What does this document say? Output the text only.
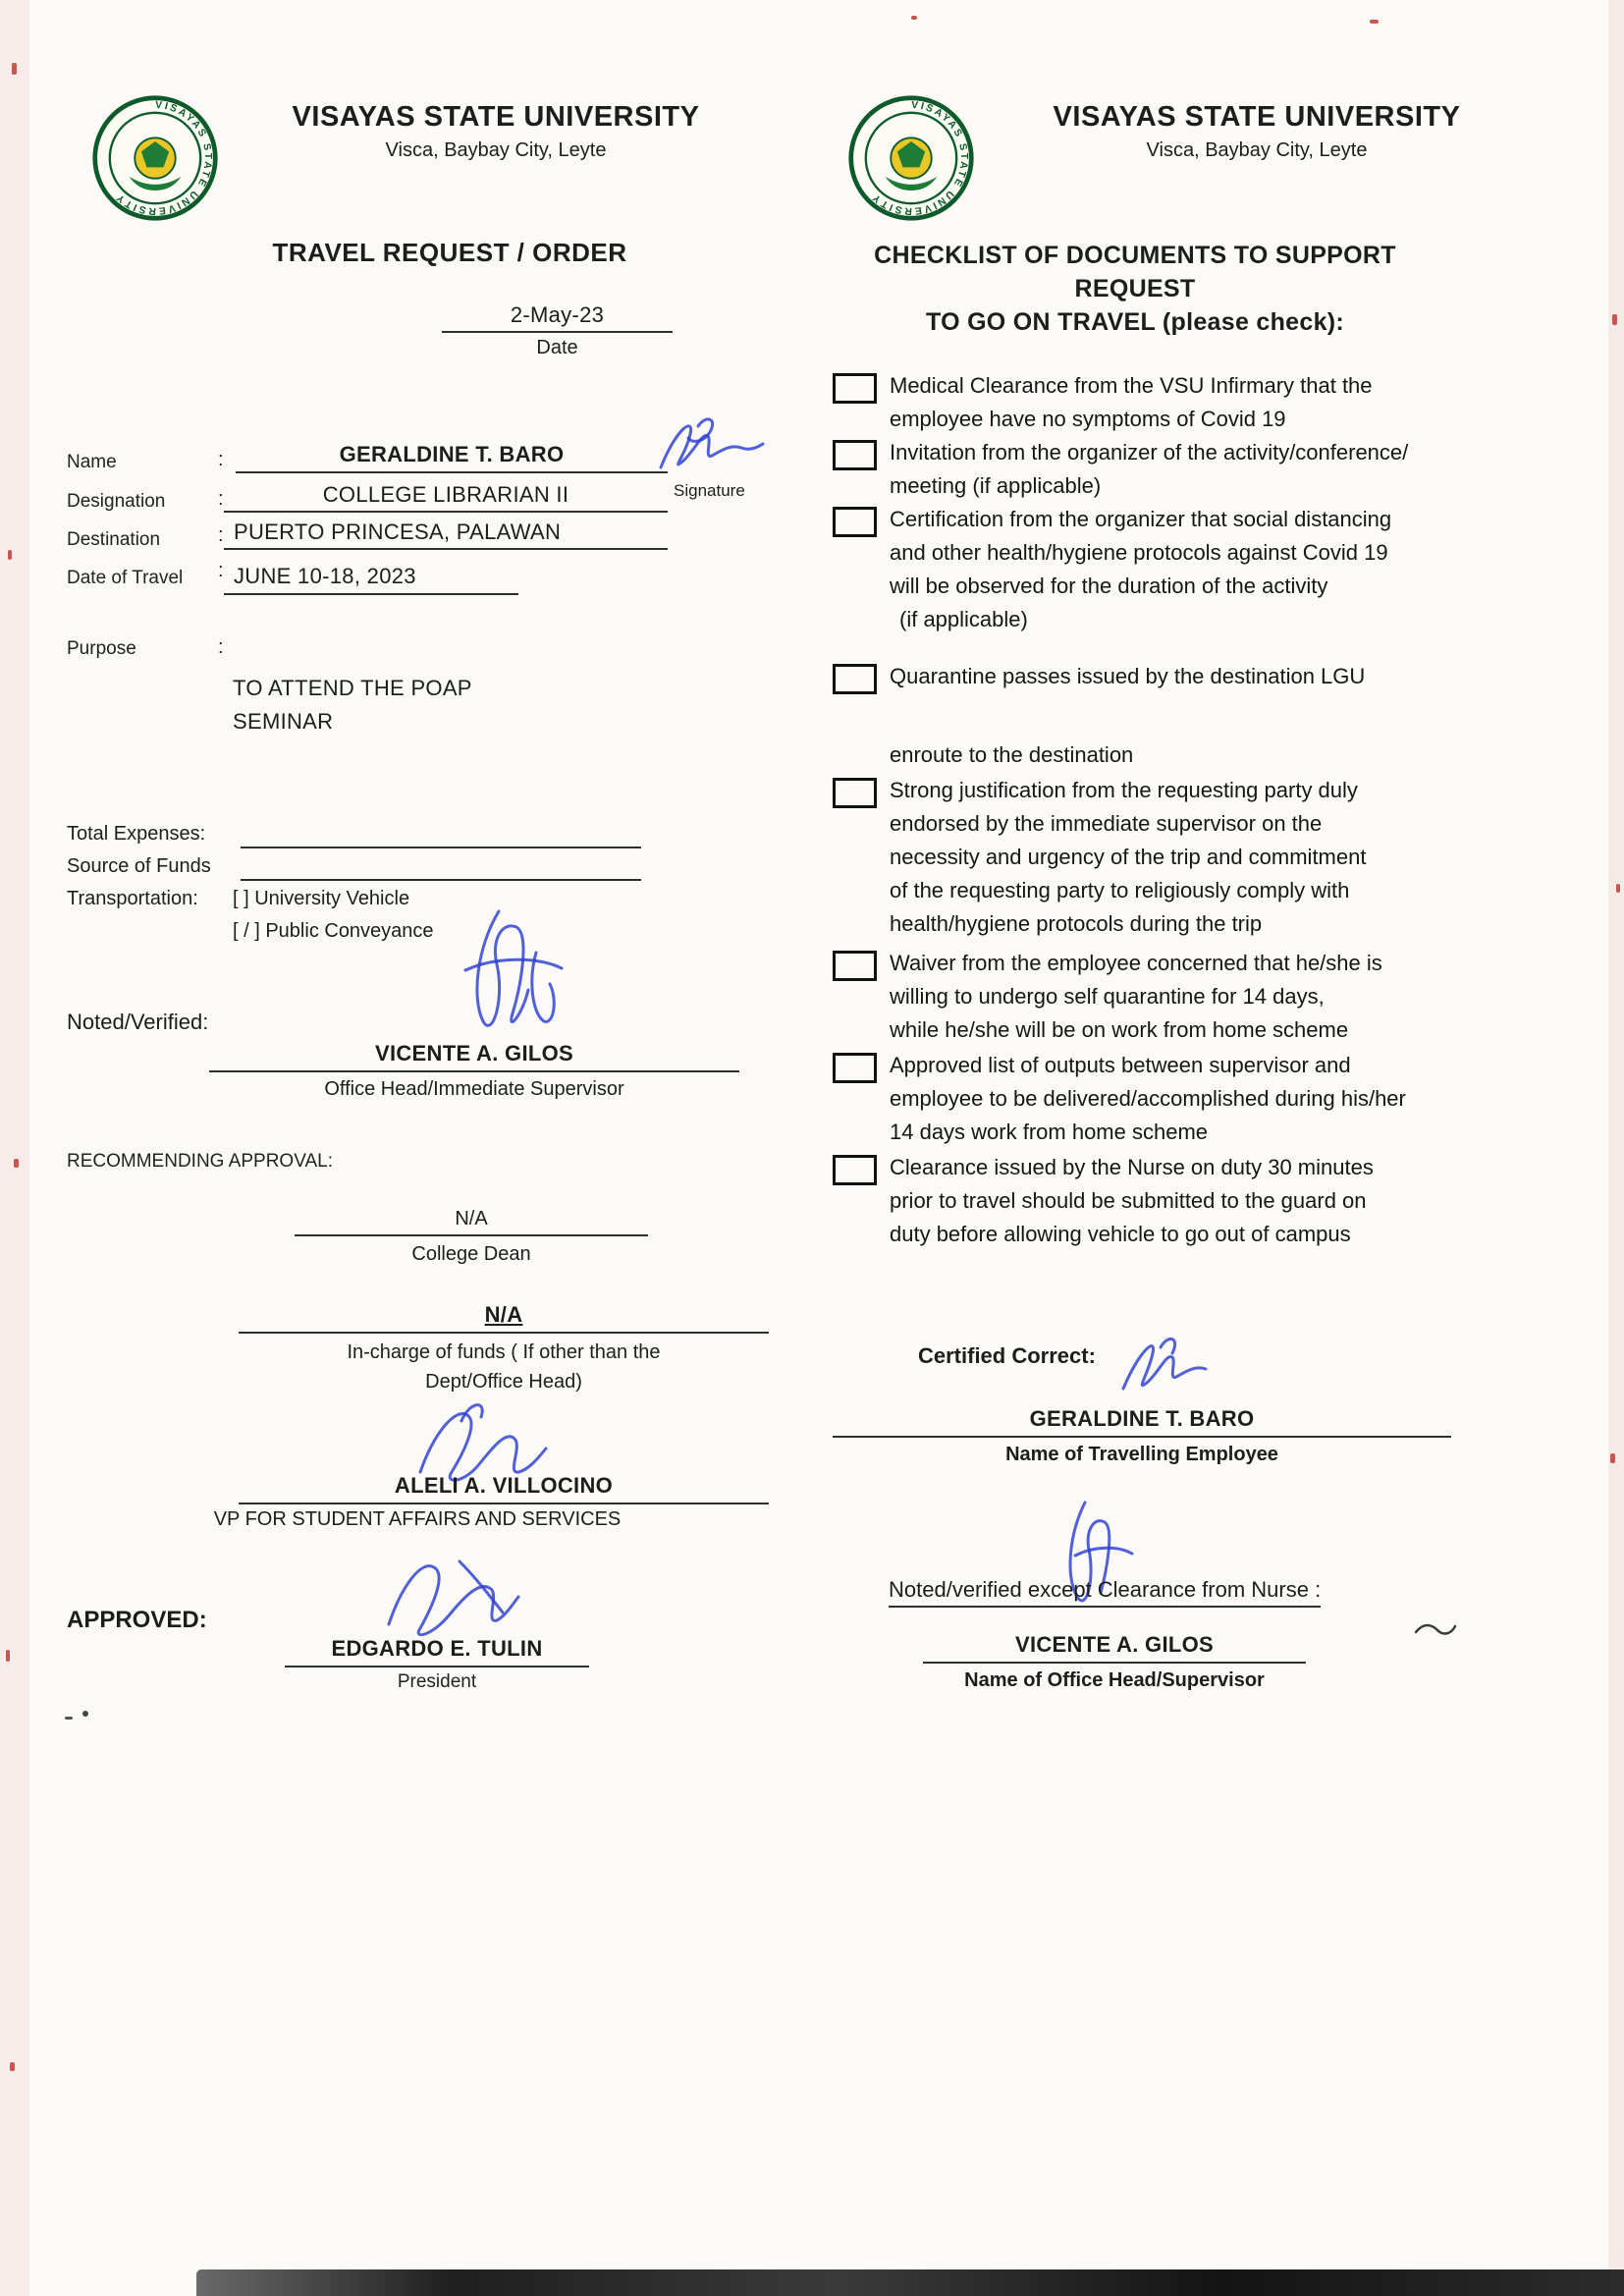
VISAYAS STATE UNIVERSITY
Visca, Baybay City, Leyte
TRAVEL REQUEST / ORDER
2-May-23
Date
Name	:	GERALDINE T. BARO
Signature
Designation	:	COLLEGE LIBRARIAN II
Destination	: PUERTO PRINCESA, PALAWAN
Date of Travel : JUNE 10-18, 2023
Purpose	:
TO ATTEND THE POAP
SEMINAR
Total Expenses:
Source of Funds
Transportation: [ ] University Vehicle
[ / ] Public Conveyance
Noted/Verified:
VICENTE A. GILOS
Office Head/Immediate Supervisor
RECOMMENDING APPROVAL:
N/A
College Dean
N/A
In-charge of funds ( If other than the
Dept/Office Head)
ALELI A. VILLOCINO
VP FOR STUDENT AFFAIRS AND SERVICES
APPROVED:
EDGARDO E. TULIN
President
VISAYAS STATE UNIVERSITY
Visca, Baybay City, Leyte
CHECKLIST OF DOCUMENTS TO SUPPORT REQUEST
TO GO ON TRAVEL (please check):
Medical Clearance from the VSU Infirmary that the
employee have no symptoms of Covid 19
Invitation from the organizer of the activity/conference/
meeting (if applicable)
Certification from the organizer that social distancing
and other health/hygiene protocols against Covid 19
will be observed for the duration of the activity
(if applicable)
Quarantine passes issued by the destination LGU
enroute to the destination
Strong justification from the requesting party duly
endorsed by the immediate supervisor on the
necessity and urgency of the trip and commitment
of the requesting party to religiously comply with
health/hygiene protocols during the trip
Waiver from the employee concerned that he/she is
willing to undergo self quarantine for 14 days,
while he/she will be on work from home scheme
Approved list of outputs between supervisor and
employee to be delivered/accomplished during his/her
14 days work from home scheme
Clearance issued by the Nurse on duty 30 minutes
prior to travel should be submitted to the guard on
duty before allowing vehicle to go out of campus
Certified Correct:
GERALDINE T. BARO
Name of Travelling Employee
Noted/verified except Clearance from Nurse :
VICENTE A. GILOS
Name of Office Head/Supervisor
